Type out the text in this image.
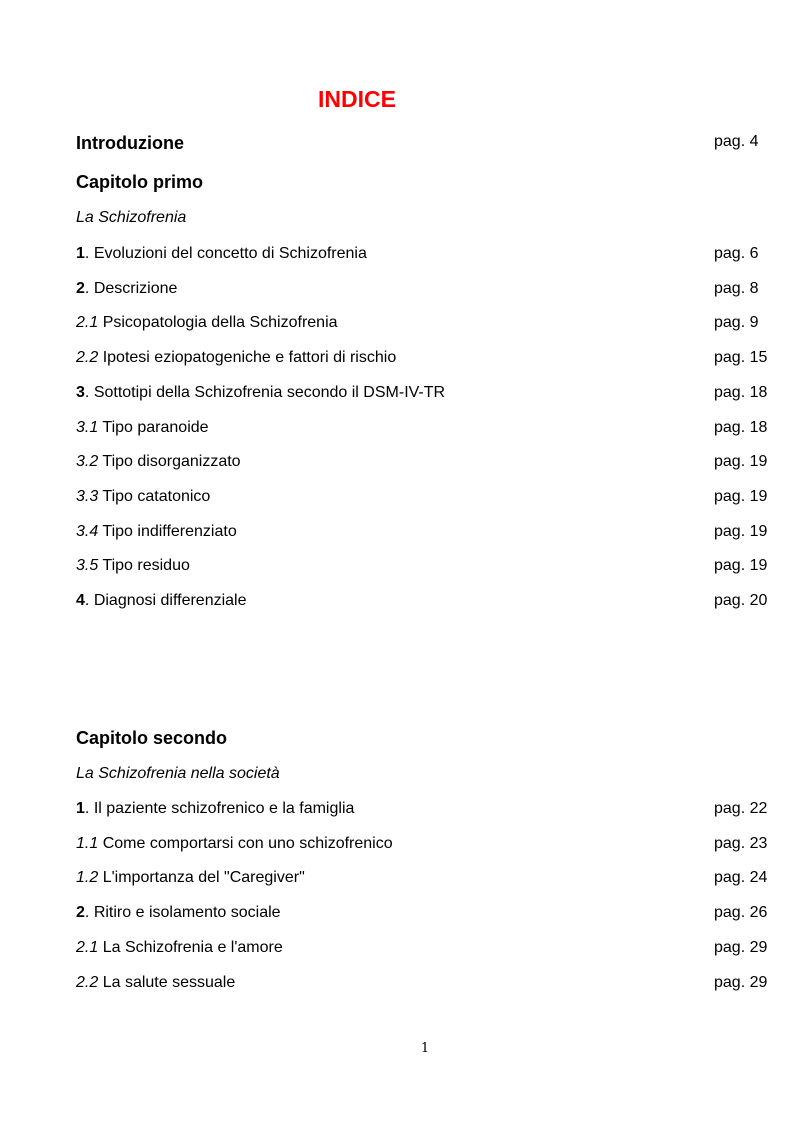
INDICE
Introduzione	pag. 4
Capitolo primo
La Schizofrenia
1. Evoluzioni del concetto di Schizofrenia	pag. 6
2. Descrizione	pag. 8
2.1 Psicopatologia della Schizofrenia	pag. 9
2.2 Ipotesi eziopatogeniche e fattori di rischio	pag. 15
3. Sottotipi della Schizofrenia secondo il DSM-IV-TR	pag. 18
3.1 Tipo paranoide	pag. 18
3.2 Tipo disorganizzato	pag. 19
3.3 Tipo catatonico	pag. 19
3.4 Tipo indifferenziato	pag. 19
3.5 Tipo residuo	pag. 19
4. Diagnosi differenziale	pag. 20
Capitolo secondo
La Schizofrenia nella società
1. Il paziente schizofrenico e la famiglia	pag. 22
1.1 Come comportarsi con uno schizofrenico	pag. 23
1.2 L'importanza del "Caregiver"	pag. 24
2. Ritiro e isolamento sociale	pag. 26
2.1 La Schizofrenia e l'amore	pag. 29
2.2 La salute sessuale	pag. 29
1
